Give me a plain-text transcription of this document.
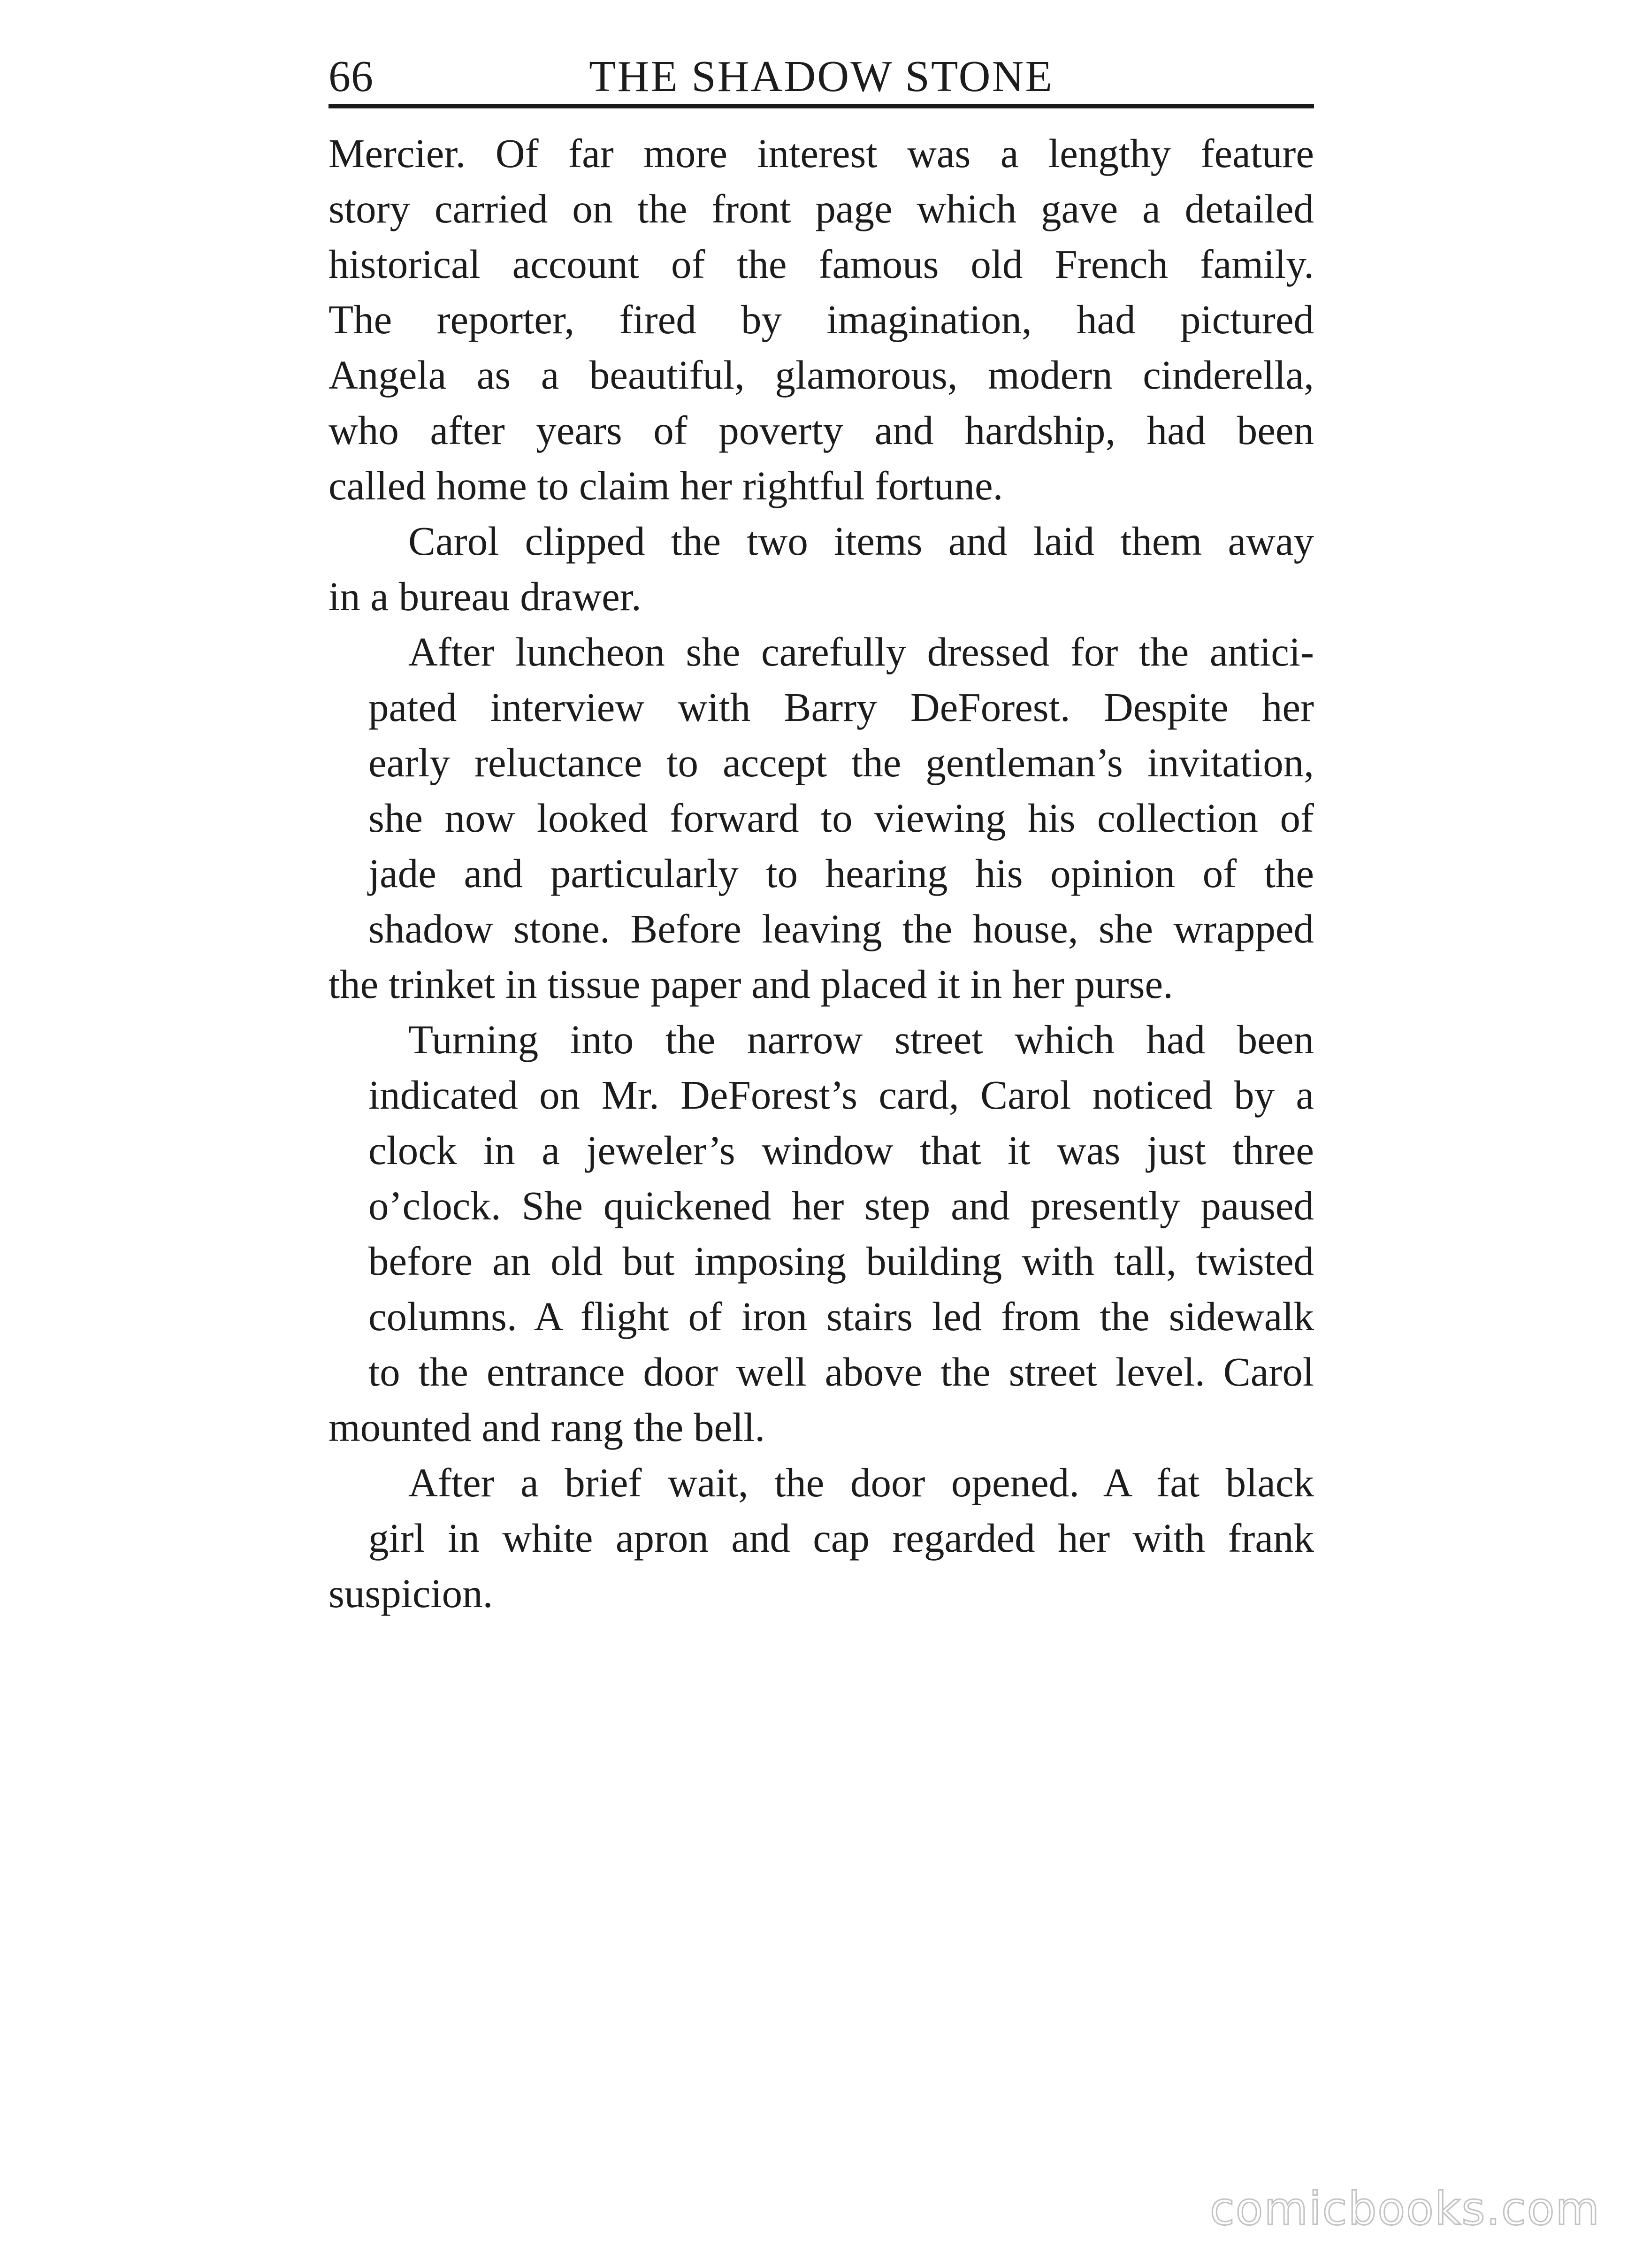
66	THE SHADOW STONE

Mercier. Of far more interest was a lengthy feature
story carried on the front page which gave a detailed
historical account of the famous old French family.
The reporter, fired by imagination, had pictured
Angela as a beautiful, glamorous, modern cinderella,
who after years of poverty and hardship, had been
called home to claim her rightful fortune.

Carol clipped the two items and laid them away
in a bureau drawer.

After luncheon she carefully dressed for the antici-
pated interview with Barry DeForest. Despite her
early reluctance to accept the gentleman’s invitation,
she now looked forward to viewing his collection of
jade and particularly to hearing his opinion of the
shadow stone. Before leaving the house, she wrapped
the trinket in tissue paper and placed it in her purse.

Turning into the narrow street which had been
indicated on Mr. DeForest’s card, Carol noticed by a
clock in a jeweler’s window that it was just three
o’clock. She quickened her step and presently paused
before an old but imposing building with tall, twisted
columns. A flight of iron stairs led from the sidewalk
to the entrance door well above the street level. Carol
mounted and rang the bell.

After a brief wait, the door opened. A fat black
girl in white apron and cap regarded her with frank
suspicion.

comicbooks.com
